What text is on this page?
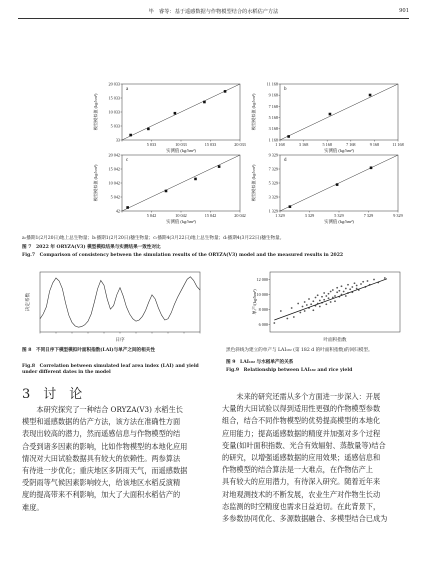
毕　睿等：基于遥感数据与作物模型结合的水稻估产方法	901
5 033	10 033	15 033	20 033
33
5 033
10 033
15 033
20 033
a
实测值 (kg/hm²)
模型模拟值 (kg/hm²)
1 168	3 168	5 168	7 168	9 168	11 168
1 168
3 168
5 168
7 168
9 168
11 168
b
实测值 (kg/hm²)
模型模拟值 (kg/hm²)
5 042	10 042	15 042	20 042
42
5 042
10 042
15 042
20 042
c
实测值 (kg/hm²)
模型模拟值 (kg/hm²)
1 329	3 329	5 329	7 329	9 329
1 329
3 329
5 329
7 329
9 329
d
实测值 (kg/hm²)
模型模拟值 (kg/hm²)
a:播期1(2月20日)地上总生物量；b:播期1(2月20日)穗生物量；c:播期4(3月22日)地上总生物量；d:播期4(3月22日)穗生物量。
图 7　2022 年 ORYZA(V3) 模型模拟结果与实测结果一致性对比
Fig.7　Comparison of consistency between the simulation results of the ORYZA(V3) model and the measured results in 2022
日序
决定系数
图 8　不同日序下模型模拟叶面积指数(LAI)与单产之间的相关性
Fig.8　Correlation between simulated leaf area index (LAI) and yield under different dates in the model
6 000
8 000
10 000
12 000
叶面积指数
单产/(kg/hm²)
黑色斜线为建立的单产与 LAI₁₈₂ (第 182 d 的叶面积指数)的回归模型。
图 9　LAI₁₈₂ 与水稻单产的关系
Fig.9　Relationship between LAI₁₈₂ and rice yield
3　讨　论
本研究探究了一种结合 ORYZA(V3) 水稻生长
模型和遥感数据的估产方法，该方法在准确性方面
表现出较高的潜力，然而遥感信息与作物模型的结
合受到诸多因素的影响，比如作物模型的本地化应用
情况对大田试验数据具有较大的依赖性。两参算法
有待进一步优化；重庆地区多阴雨天气，而遥感数据
受阴雨等气候因素影响较大，给该地区水稻反演精
度的提高带来不利影响，加大了大面积水稻估产的
难度。
未来的研究还需从多个方面进一步深入：开展
大量的大田试验以得到适用性更强的作物模型参数
组合，结合不同作物模型的优势提高模型的本地化
应用能力；提高遥感数据的精度并加强对多个过程
变量(如叶面积指数、光合有效辐射、蒸散量等)结合
的研究，以增强遥感数据的应用效果；遥感信息和
作物模型的结合算法是一大难点，在作物估产上
具有较大的应用潜力，有待深入研究。随着近年来
对地观测技术的不断发展，农业生产对作物生长动
态监测的时空精度也需求日益迫切。在此背景下，
多参数协同优化、多源数据融合、多模型结合已成为
